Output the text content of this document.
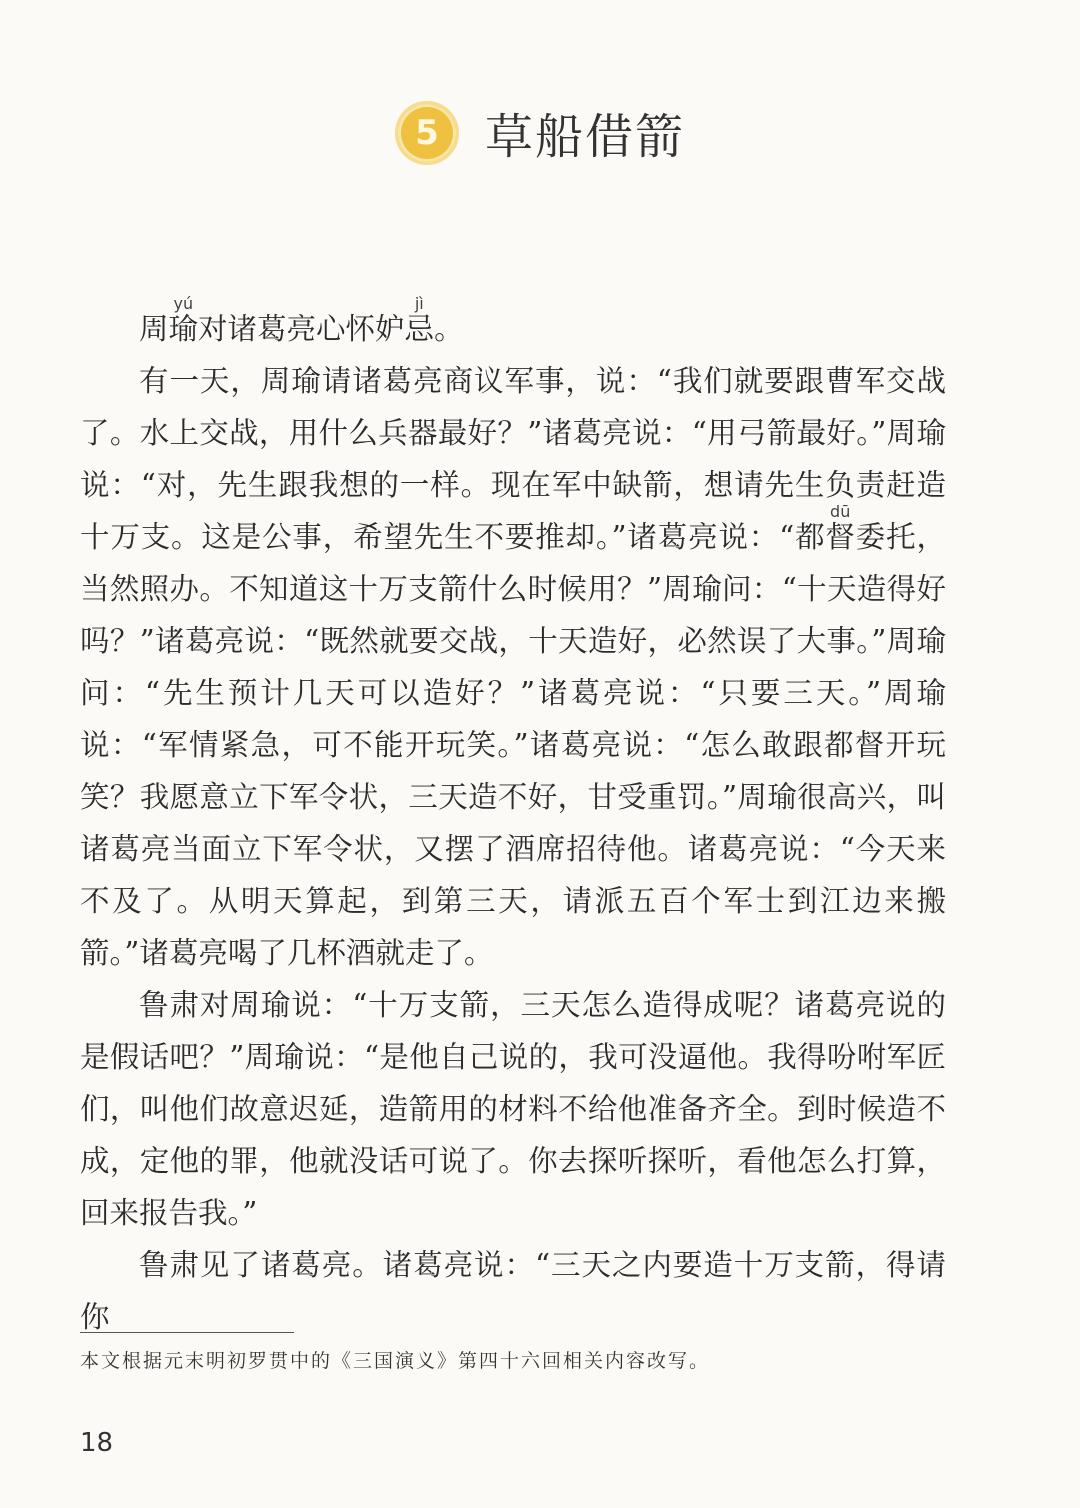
5 草船借箭

周瑜yú对诸葛亮心怀妒忌jì。

有一天，周瑜请诸葛亮商议军事，说：“我们就要跟曹军交战了。水上交战，用什么兵器最好？”诸葛亮说：“用弓箭最好。”周瑜说：“对，先生跟我想的一样。现在军中缺箭，想请先生负责赶造十万支。这是公事，希望先生不要推却。”诸葛亮说：“都督dū委托，当然照办。不知道这十万支箭什么时候用？”周瑜问：“十天造得好吗？”诸葛亮说：“既然就要交战，十天造好，必然误了大事。”周瑜问：“先生预计几天可以造好？”诸葛亮说：“只要三天。”周瑜说：“军情紧急，可不能开玩笑。”诸葛亮说：“怎么敢跟都督开玩笑？我愿意立下军令状，三天造不好，甘受重罚。”周瑜很高兴，叫诸葛亮当面立下军令状，又摆了酒席招待他。诸葛亮说：“今天来不及了。从明天算起，到第三天，请派五百个军士到江边来搬箭。”诸葛亮喝了几杯酒就走了。

鲁肃对周瑜说：“十万支箭，三天怎么造得成呢？诸葛亮说的是假话吧？”周瑜说：“是他自己说的，我可没逼他。我得吩咐军匠们，叫他们故意迟延，造箭用的材料不给他准备齐全。到时候造不成，定他的罪，他就没话可说了。你去探听探听，看他怎么打算，回来报告我。”

鲁肃见了诸葛亮。诸葛亮说：“三天之内要造十万支箭，得请你

本文根据元末明初罗贯中的《三国演义》第四十六回相关内容改写。
18
